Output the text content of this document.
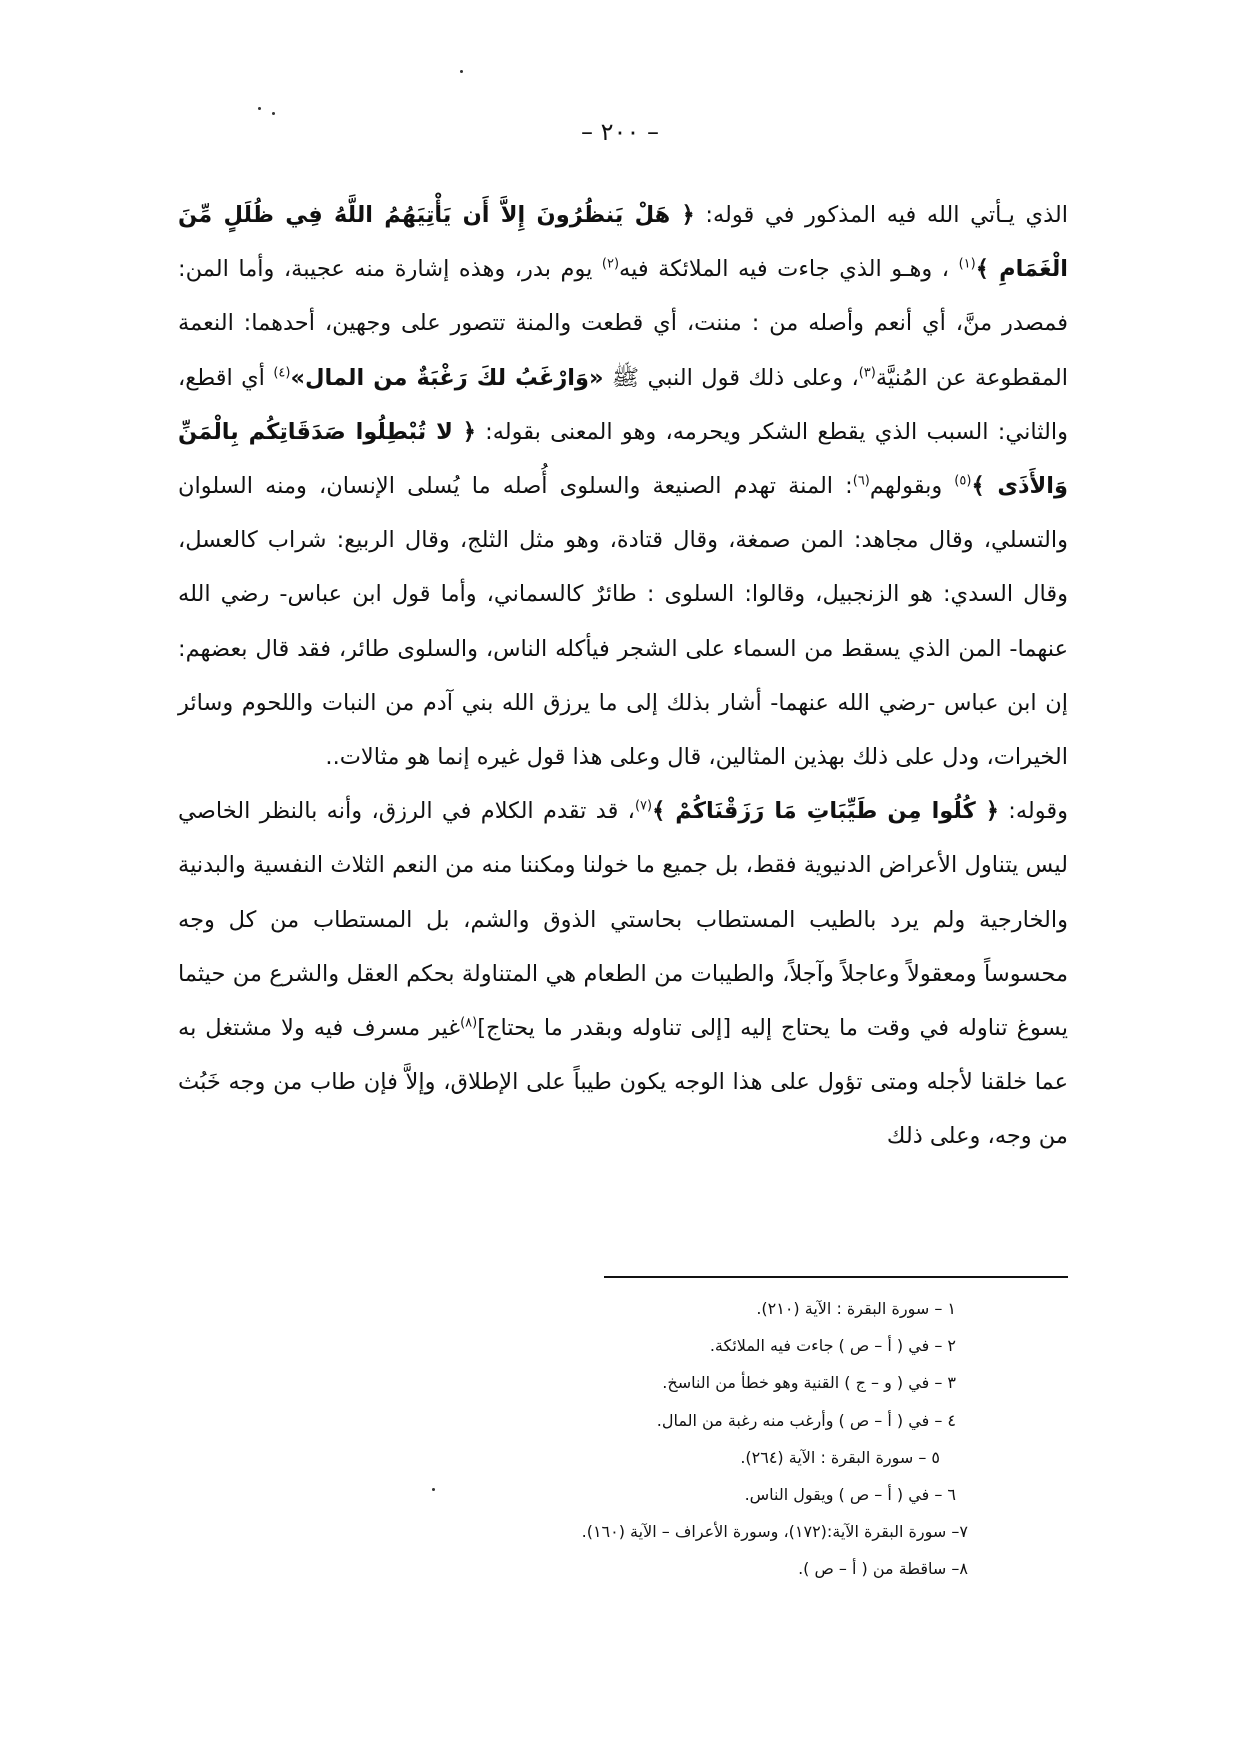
– ٢٠٠ –

الذي يـأتي الله فيه المذكور في قوله: ﴿ هَلْ يَنظُرُونَ إِلاَّ أَن يَأْتِيَهُمُ اللَّهُ فِي ظُلَلٍ مِّنَ الْغَمَامِ ﴾$^{(١)}$ ، وهـو الذي جاءت فيه الملائكة فيه$^{(٢)}$ يوم بدر، وهذه إشارة منه عجيبة، وأما المن: فمصدر منَّ، أي أنعم وأصله من : مننت، أي قطعت والمنة تتصور على وجهين، أحدهما: النعمة المقطوعة عن المُنيَّة$^{(٣)}$، وعلى ذلك قول النبي ﷺ «وَارْغَبُ لكَ رَغْبَةٌ من المال»$^{(٤)}$ أي اقطع، والثاني: السبب الذي يقطع الشكر ويحرمه، وهو المعنى بقوله: ﴿ لا تُبْطِلُوا صَدَقَاتِكُم بِالْمَنِّ وَالأَذَى ﴾$^{(٥)}$ وبقولهم$^{(٦)}$: المنة تهدم الصنيعة والسلوى أُصله ما يُسلى الإنسان، ومنه السلوان والتسلي، وقال مجاهد: المن صمغة، وقال قتادة، وهو مثل الثلج، وقال الربيع: شراب كالعسل، وقال السدي: هو الزنجبيل، وقالوا: السلوى : طائرٌ كالسماني، وأما قول ابن عباس- رضي الله عنهما- المن الذي يسقط من السماء على الشجر فيأكله الناس، والسلوى طائر، فقد قال بعضهم: إن ابن عباس -رضي الله عنهما- أشار بذلك إلى ما يرزق الله بني آدم من النبات واللحوم وسائر الخيرات، ودل على ذلك بهذين المثالين، قال وعلى هذا قول غيره إنما هو مثالات..

وقوله: ﴿ كُلُوا مِن طَيِّبَاتِ مَا رَزَقْنَاكُمْ ﴾$^{(٧)}$، قد تقدم الكلام في الرزق، وأنه بالنظر الخاصي ليس يتناول الأعراض الدنيوية فقط، بل جميع ما خولنا ومكننا منه من النعم الثلاث النفسية والبدنية والخارجية ولم يرد بالطيب المستطاب بحاستي الذوق والشم، بل المستطاب من كل وجه محسوساً ومعقولاً وعاجلاً وآجلاً، والطيبات من الطعام هي المتناولة بحكم العقل والشرع من حيثما يسوغ تناوله في وقت ما يحتاج إليه [إلى تناوله وبقدر ما يحتاج]$^{(٨)}$غير مسرف فيه ولا مشتغل به عما خلقنا لأجله ومتى تؤول على هذا الوجه يكون طيباً على الإطلاق، وإلاَّ فإن طاب من وجه خَبُث من وجه، وعلى ذلك

١ – سورة البقرة : الآية (٢١٠).
٢ – في ( أ – ص ) جاءت فيه الملائكة.
٣ – في ( و – ج ) القنية وهو خطأ من الناسخ.
٤ – في ( أ – ص ) وأرغب منه رغبة من المال.
٥ – سورة البقرة : الآية (٢٦٤).
٦ – في ( أ – ص ) ويقول الناس.
٧– سورة البقرة الآية:(١٧٢)، وسورة الأعراف – الآية (١٦٠).
٨– ساقطة من ( أ – ص ).
